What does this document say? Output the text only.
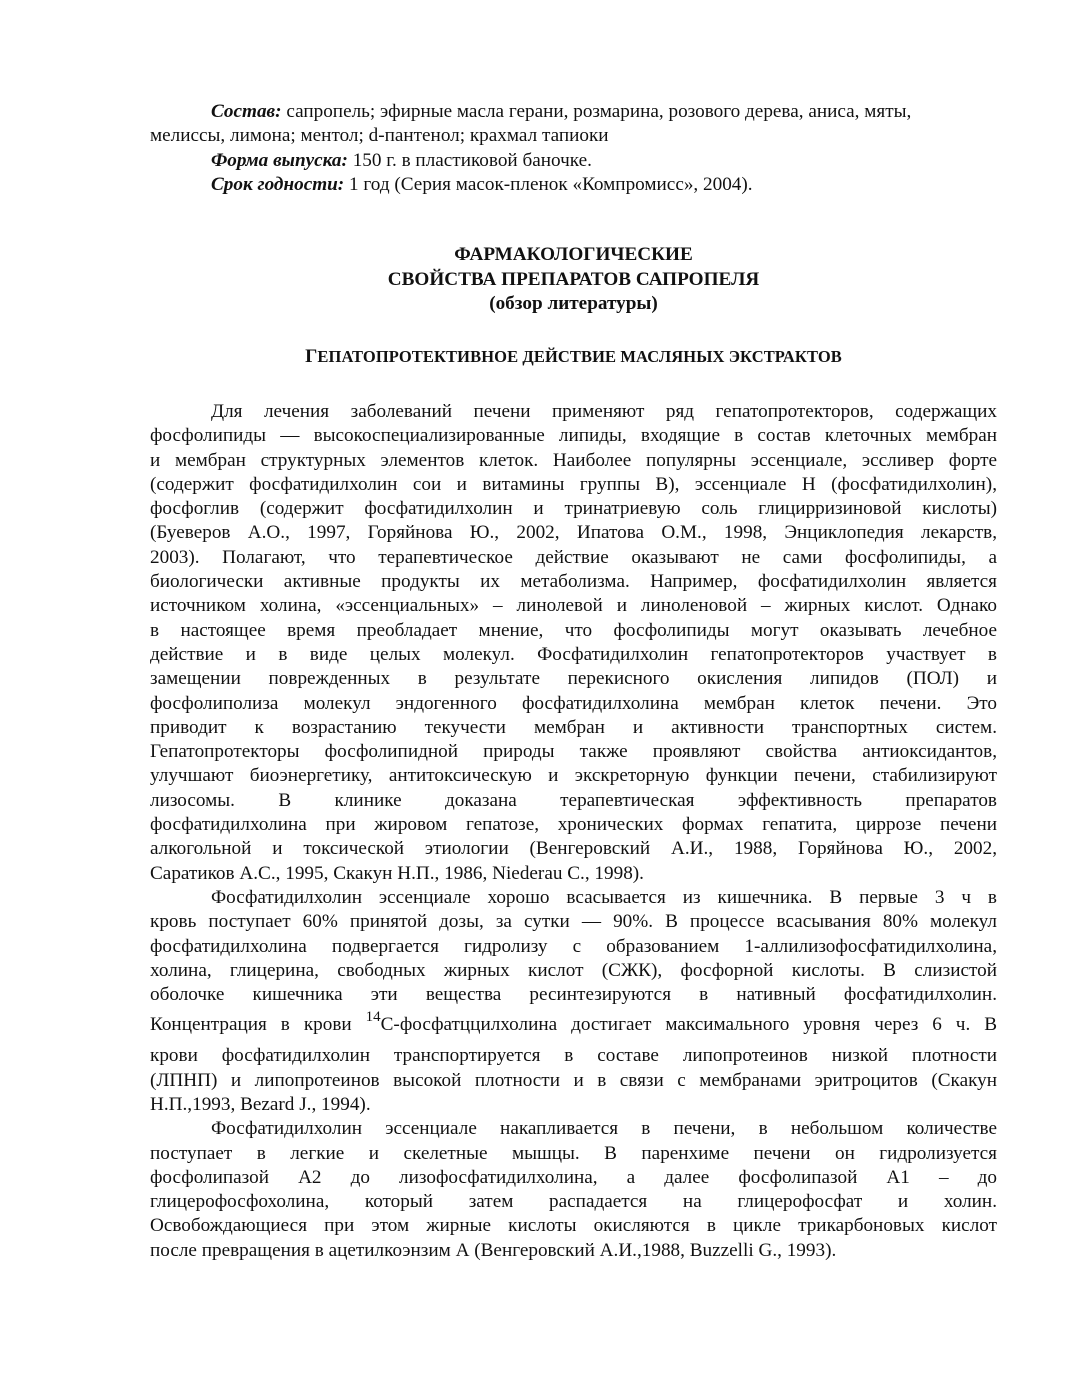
Состав: сапропель; эфирные масла герани, розмарина, розового дерева, аниса, мяты,
мелиссы, лимона; ментол; d-пантенол; крахмал тапиоки
Форма выпуска: 150 г. в пластиковой баночке.
Срок годности: 1 год (Серия масок-пленок «Компромисс», 2004).
ФАРМАКОЛОГИЧЕСКИЕ
СВОЙСТВА ПРЕПАРАТОВ САПРОПЕЛЯ
(обзор литературы)
ГЕПАТОПРОТЕКТИВНОЕ ДЕЙСТВИЕ МАСЛЯНЫХ ЭКСТРАКТОВ
Для лечения заболеваний печени применяют ряд гепатопротекторов, содержащих
фосфолипиды — высокоспециализированные липиды, входящие в состав клеточных мембран
и мембран структурных элементов клеток. Наиболее популярны эссенциале, эссливер форте
(содержит фосфатидилхолин сои и витамины группы В), эссенциале Н (фосфатидилхолин),
фосфоглив (содержит фосфатидилхолин и тринатриевую соль глицирризиновой кислоты)
(Буеверов А.О., 1997, Горяйнова Ю., 2002, Ипатова О.М., 1998, Энциклопедия лекарств,
2003). Полагают, что терапевтическое действие оказывают не сами фосфолипиды, а
биологически активные продукты их метаболизма. Например, фосфатидилхолин является
источником холина, «эссенциальных» – линолевой и линоленовой – жирных кислот. Однако
в настоящее время преобладает мнение, что фосфолипиды могут оказывать лечебное
действие и в виде целых молекул. Фосфатидилхолин гепатопротекторов участвует в
замещении поврежденных в результате перекисного окисления липидов (ПОЛ) и
фосфолиполиза молекул эндогенного фосфатидилхолина мембран клеток печени. Это
приводит к возрастанию текучести мембран и активности транспортных систем.
Гепатопротекторы фосфолипидной природы также проявляют свойства антиоксидантов,
улучшают биоэнергетику, антитоксическую и экскреторную функции печени, стабилизируют
лизосомы. В клинике доказана терапевтическая эффективность препаратов
фосфатидилхолина при жировом гепатозе, хронических формах гепатита, циррозе печени
алкогольной и токсической этиологии (Венгеровский А.И., 1988, Горяйнова Ю., 2002,
Саратиков А.С., 1995, Скакун Н.П., 1986, Niederau C., 1998).
Фосфатидилхолин эссенциале хорошо всасывается из кишечника. В первые 3 ч в
кровь поступает 60% принятой дозы, за сутки — 90%. В процессе всасывания 80% молекул
фосфатидилхолина подвергается гидролизу с образованием 1-аллилизофосфатидилхолина,
холина, глицерина, свободных жирных кислот (СЖК), фосфорной кислоты. В слизистой
оболочке кишечника эти вещества ресинтезируются в нативный фосфатидилхолин.
Концентрация в крови $^{14}$С-фосфатццилхолина достигает максимального уровня через 6 ч. В
крови фосфатидилхолин транспортируется в составе липопротеинов низкой плотности
(ЛПНП) и липопротеинов высокой плотности и в связи с мембранами эритроцитов (Скакун
Н.П.,1993, Bezard J., 1994).
Фосфатидилхолин эссенциале накапливается в печени, в небольшом количестве
поступает в легкие и скелетные мышцы. В паренхиме печени он гидролизуется
фосфолипазой А2 до лизофосфатидилхолина, а далее фосфолипазой А1 – до
глицерофосфохолина, который затем распадается на глицерофосфат и холин.
Освобождающиеся при этом жирные кислоты окисляются в цикле трикарбоновых кислот
после превращения в ацетилкоэнзим А (Венгеровский А.И.,1988, Buzzelli G., 1993).
